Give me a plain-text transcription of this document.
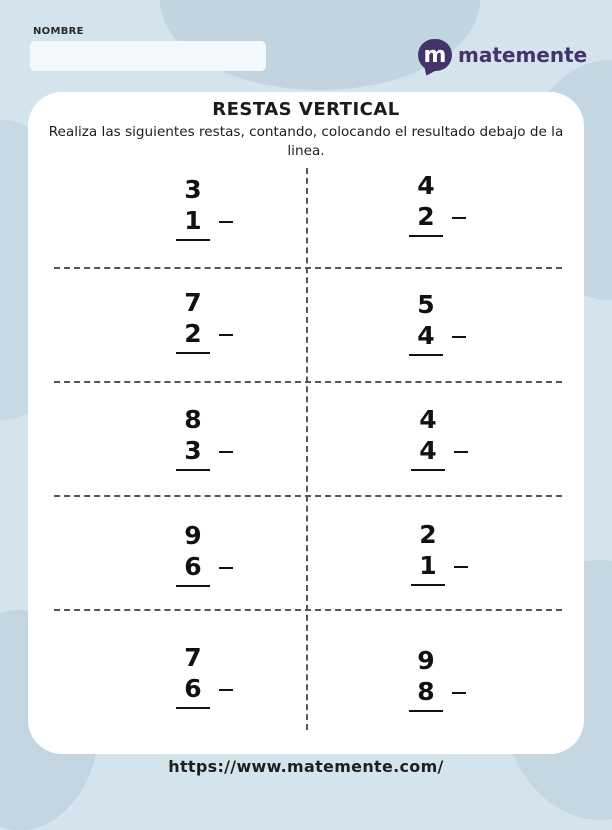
NOMBRE
m matemente
RESTAS VERTICAL
Realiza las siguientes restas, contando, colocando el resultado debajo de la linea.
3
1
4
2
7
2
5
4
8
3
4
4
9
6
2
1
7
6
9
8
https://www.matemente.com/
